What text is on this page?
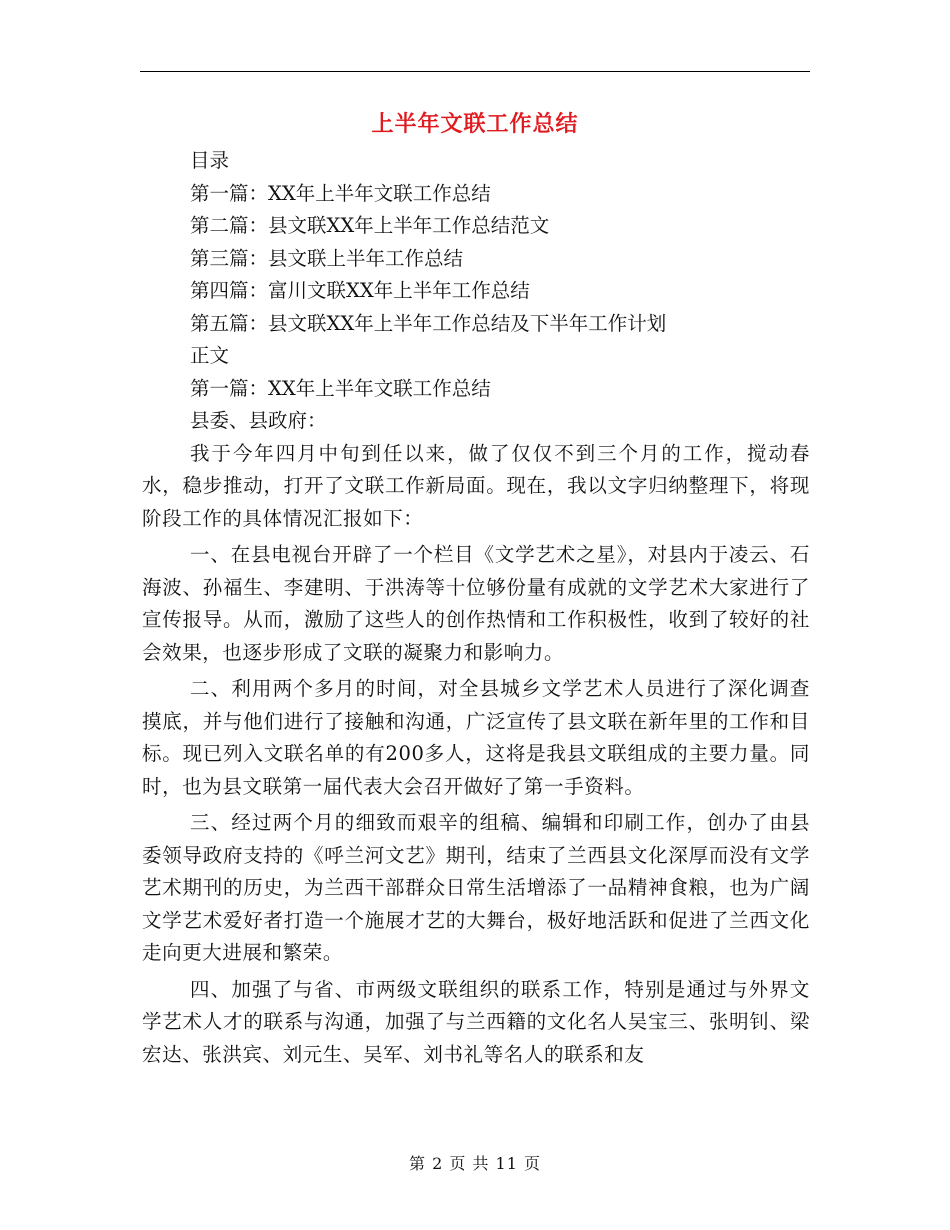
上半年文联工作总结
目录
第一篇：XX年上半年文联工作总结
第二篇：县文联XX年上半年工作总结范文
第三篇：县文联上半年工作总结
第四篇：富川文联XX年上半年工作总结
第五篇：县文联XX年上半年工作总结及下半年工作计划
正文
第一篇：XX年上半年文联工作总结
县委、县政府：

我于今年四月中旬到任以来，做了仅仅不到三个月的工作，搅动春水，稳步推动，打开了文联工作新局面。现在，我以文字归纳整理下，将现阶段工作的具体情况汇报如下：

一、在县电视台开辟了一个栏目《文学艺术之星》，对县内于凌云、石海波、孙福生、李建明、于洪涛等十位够份量有成就的文学艺术大家进行了宣传报导。从而，激励了这些人的创作热情和工作积极性，收到了较好的社会效果，也逐步形成了文联的凝聚力和影响力。

二、利用两个多月的时间，对全县城乡文学艺术人员进行了深化调查摸底，并与他们进行了接触和沟通，广泛宣传了县文联在新年里的工作和目标。现已列入文联名单的有200多人，这将是我县文联组成的主要力量。同时，也为县文联第一届代表大会召开做好了第一手资料。

三、经过两个月的细致而艰辛的组稿、编辑和印刷工作，创办了由县委领导政府支持的《呼兰河文艺》期刊，结束了兰西县文化深厚而没有文学艺术期刊的历史，为兰西干部群众日常生活增添了一品精神食粮，也为广阔文学艺术爱好者打造一个施展才艺的大舞台，极好地活跃和促进了兰西文化走向更大进展和繁荣。

四、加强了与省、市两级文联组织的联系工作，特别是通过与外界文学艺术人才的联系与沟通，加强了与兰西籍的文化名人吴宝三、张明钊、梁宏达、张洪宾、刘元生、吴军、刘书礼等名人的联系和友

第 2 页 共 11 页
